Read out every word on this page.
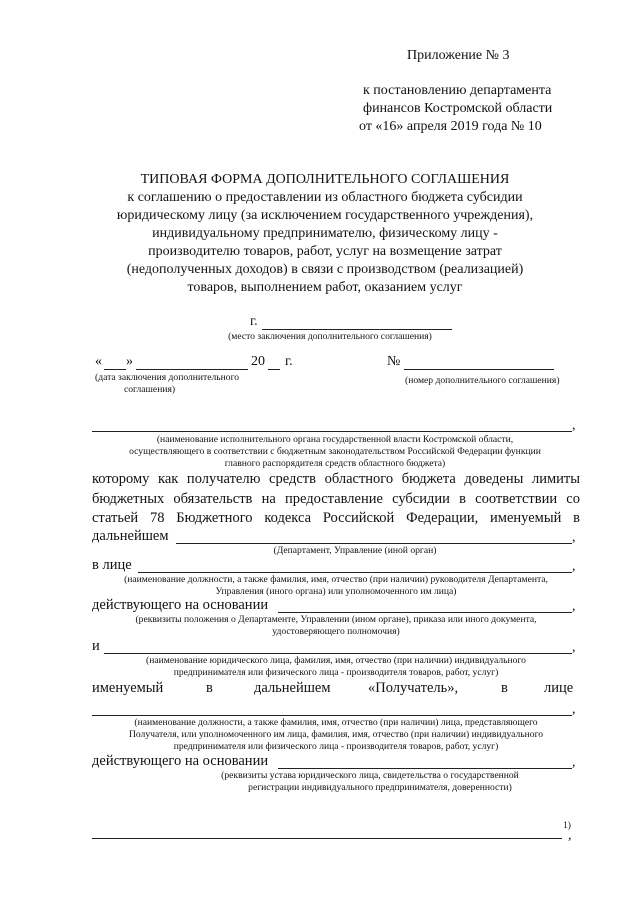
Приложение № 3
к постановлению департамента
финансов Костромской области
от «16» апреля 2019 года № 10
ТИПОВАЯ ФОРМА ДОПОЛНИТЕЛЬНОГО СОГЛАШЕНИЯ
к соглашению о предоставлении из областного бюджета субсидии
юридическому лицу (за исключением государственного учреждения),
индивидуальному предпринимателю, физическому лицу -
производителю товаров, работ, услуг на возмещение затрат
(недополученных доходов) в связи с производством (реализацией)
товаров, выполнением работ, оказанием услуг
г.
(место заключения дополнительного соглашения)
« »	20 г.
(дата заключения дополнительного
соглашения)
№
(номер дополнительного соглашения)
,
(наименование исполнительного органа государственной власти Костромской области,
осуществляющего в соответствии с бюджетным законодательством Российской Федерации функции
главного распорядителя средств областного бюджета)
которому как получателю средств областного бюджета доведены лимиты
бюджетных обязательств на предоставление субсидии в соответствии со
статьей 78 Бюджетного кодекса Российской Федерации, именуемый в
дальнейшем	,
(Департамент, Управление (иной орган)
в лице	,
(наименование должности, а также фамилия, имя, отчество (при наличии) руководителя Департамента,
Управления (иного органа) или уполномоченного им лица)
действующего на основании	,
(реквизиты положения о Департаменте, Управлении (ином органе), приказа или иного документа,
удостоверяющего полномочия)
и	,
(наименование юридического лица, фамилия, имя, отчество (при наличии) индивидуального
предпринимателя или физического лица - производителя товаров, работ, услуг)
именуемый	в	дальнейшем	«Получатель»,	в лице
,
(наименование должности, а также фамилия, имя, отчество (при наличии) лица, представляющего
Получателя, или уполномоченного им лица, фамилия, имя, отчество (при наличии) индивидуального
предпринимателя или физического лица - производителя товаров, работ, услуг)
действующего на основании	,
(реквизиты устава юридического лица, свидетельства о государственной
регистрации индивидуального предпринимателя, доверенности)
1)
,
